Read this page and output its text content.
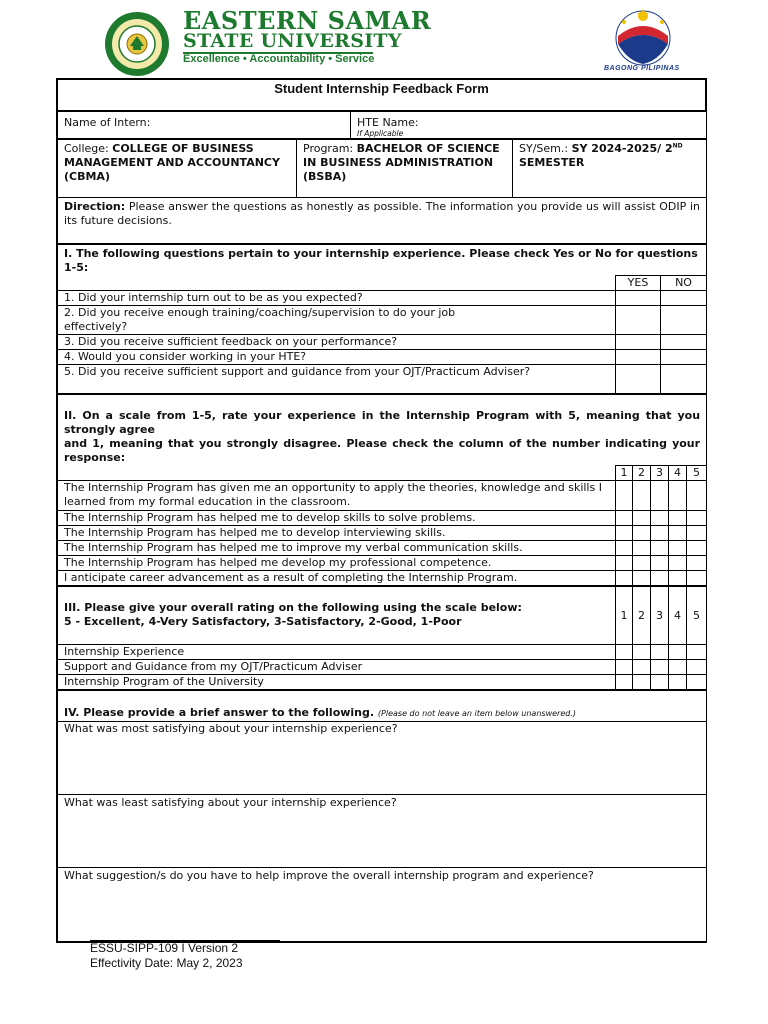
EASTERN SAMAR
STATE UNIVERSITY
Excellence • Accountability • Service
BAGONG PILIPINAS
Student Internship Feedback Form
Name of Intern:	HTE Name:
If Applicable
College: COLLEGE OF BUSINESS MANAGEMENT AND ACCOUNTANCY (CBMA)	Program: BACHELOR OF SCIENCE IN BUSINESS ADMINISTRATION (BSBA)	SY/Sem.: SY 2024-2025/ 2ND
SEMESTER
Direction: Please answer the questions as honestly as possible. The information you provide us will assist ODIP in its future decisions.
I. The following questions pertain to your internship experience. Please check Yes or No for questions 1-5:		
	YES	NO
1. Did your internship turn out to be as you expected?		

2. Did you receive enough training/coaching/supervision to do your job effectively?		

3. Did you receive sufficient feedback on your performance?		
4. Would you consider working in your HTE?		

5. Did you receive sufficient support and guidance from your OJT/Practicum Adviser?		

II. On a scale from 1-5, rate your experience in the Internship Program with 5, meaning that you strongly agree
and 1, meaning that you strongly disagree. Please check the column of the number indicating your response:					

	1	2	3	4	5
The Internship Program has given me an opportunity to apply the theories, knowledge and skills I learned from my formal education in the classroom.					
The Internship Program has helped me to develop skills to solve problems.					
The Internship Program has helped me to develop interviewing skills.					
The Internship Program has helped me to improve my verbal communication skills.					
The Internship Program has helped me develop my professional competence.					
I anticipate career advancement as a result of completing the Internship Program.					
III. Please give your overall rating on the following using the scale below:
5 - Excellent, 4-Very Satisfactory, 3-Satisfactory, 2-Good, 1-Poor	1	2	3	4	5
Internship Experience					
Support and Guidance from my OJT/Practicum Adviser					
Internship Program of the University					
IV. Please provide a brief answer to the following. (Please do not leave an item below unanswered.)
What was most satisfying about your internship experience?
What was least satisfying about your internship experience?
What suggestion/s do you have to help improve the overall internship program and experience?
ESSU-SIPP-109 I Version 2
Effectivity Date: May 2, 2023
